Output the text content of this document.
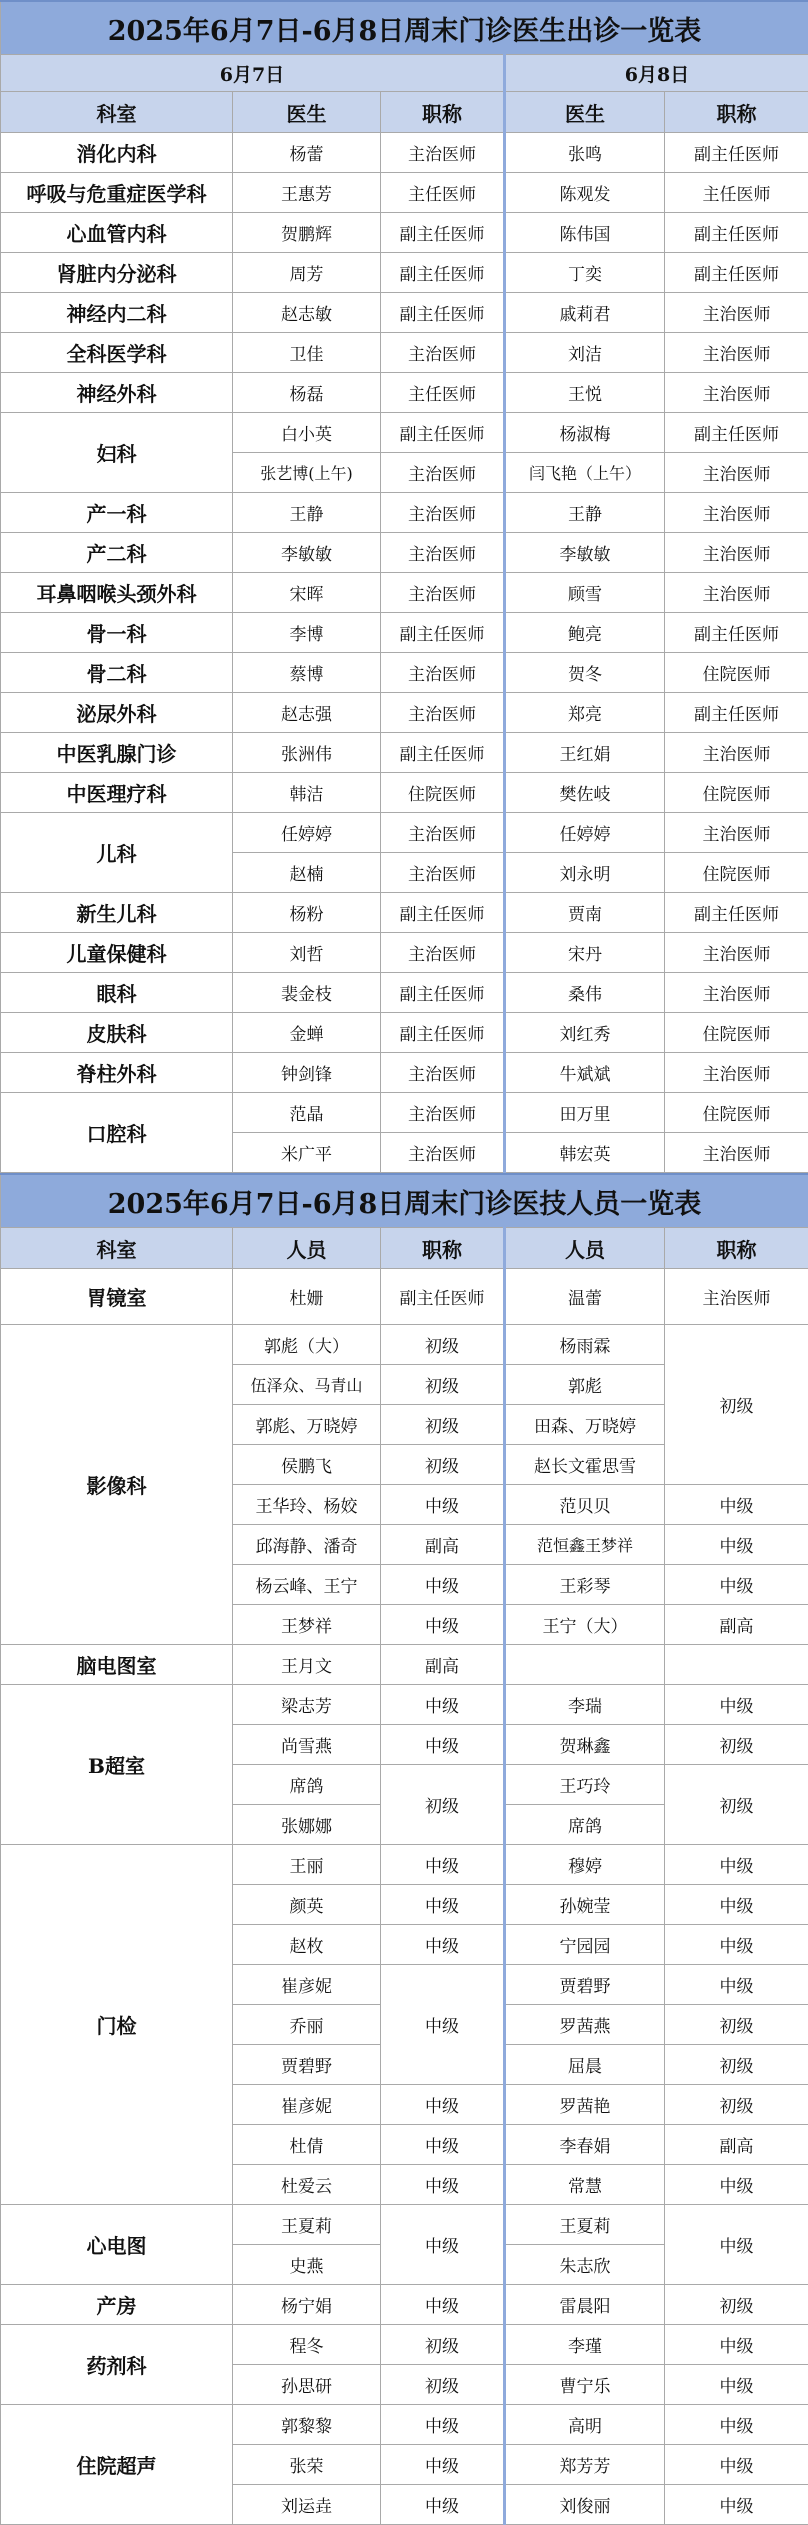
2025年6月7日-6月8日周末门诊医生出诊一览表				
6月7日			6月8日	
科室	医生	职称	医生	职称
消化内科	杨蕾	主治医师	张鸣	副主任医师
呼吸与危重症医学科	王惠芳	主任医师	陈观发	主任医师
心血管内科	贺鹏辉	副主任医师	陈伟国	副主任医师
肾脏内分泌科	周芳	副主任医师	丁奕	副主任医师
神经内二科	赵志敏	副主任医师	戚莉君	主治医师
全科医学科	卫佳	主治医师	刘洁	主治医师
神经外科	杨磊	主任医师	王悦	主治医师
妇科	白小英	副主任医师	杨淑梅	副主任医师
	张艺博(上午)	主治医师	闫飞艳（上午）	主治医师
产一科	王静	主治医师	王静	主治医师
产二科	李敏敏	主治医师	李敏敏	主治医师
耳鼻咽喉头颈外科	宋晖	主治医师	顾雪	主治医师
骨一科	李博	副主任医师	鲍亮	副主任医师
骨二科	蔡博	主治医师	贺冬	住院医师
泌尿外科	赵志强	主治医师	郑亮	副主任医师
中医乳腺门诊	张洲伟	副主任医师	王红娟	主治医师
中医理疗科	韩洁	住院医师	樊佐岐	住院医师
儿科	任婷婷	主治医师	任婷婷	主治医师
	赵楠	主治医师	刘永明	住院医师
新生儿科	杨粉	副主任医师	贾南	副主任医师
儿童保健科	刘哲	主治医师	宋丹	主治医师
眼科	裴金枝	副主任医师	桑伟	主治医师
皮肤科	金蝉	副主任医师	刘红秀	住院医师
脊柱外科	钟剑锋	主治医师	牛斌斌	主治医师
口腔科	范晶	主治医师	田万里	住院医师
	米广平	主治医师	韩宏英	主治医师
2025年6月7日-6月8日周末门诊医技人员一览表				
科室	人员	职称	人员	职称
胃镜室	杜姗	副主任医师	温蕾	主治医师
影像科	郭彪（大）	初级	杨雨霖	初级
	伍泽众、马青山	初级	郭彪	
	郭彪、万晓婷	初级	田森、万晓婷	
	侯鹏飞	初级	赵长文霍思雪	
	王华玲、杨姣	中级	范贝贝	中级
	邱海静、潘奇	副高	范恒鑫王梦祥	中级
	杨云峰、王宁	中级	王彩琴	中级
	王梦祥	中级	王宁（大）	副高
脑电图室	王月文	副高		
B超室	梁志芳	中级	李瑞	中级
	尚雪燕	中级	贺琳鑫	初级
	席鸽	初级	王巧玲	初级
	张娜娜		席鸽	
门检	王丽	中级	穆婷	中级
	颜英	中级	孙婉莹	中级
	赵枚	中级	宁园园	中级
	崔彦妮	中级	贾碧野	中级
	乔丽		罗茜燕	初级
	贾碧野		屈晨	初级
	崔彦妮	中级	罗茜艳	初级
	杜倩	中级	李春娟	副高
	杜爱云	中级	常慧	中级
心电图	王夏莉	中级	王夏莉	中级
	史燕		朱志欣	
产房	杨宁娟	中级	雷晨阳	初级
药剂科	程冬	初级	李瑾	中级
	孙思研	初级	曹宁乐	中级
住院超声	郭黎黎	中级	高明	中级
	张荣	中级	郑芳芳	中级
	刘运垚	中级	刘俊丽	中级
